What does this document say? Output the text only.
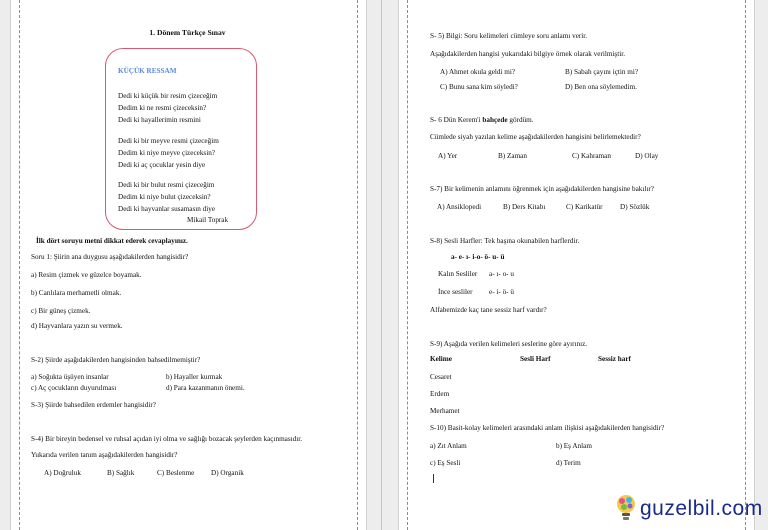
1. Dönem Türkçe Sınav
KÜÇÜK RESSAM
Dedi ki küçük bir resim çizeceğim
Dedim ki ne resmi çizeceksin?
Dedi ki hayallerimin resmini
Dedi ki bir meyve resmi çizeceğim
Dedim ki niye meyve çizeceksin?
Dedi ki aç çocuklar yesin diye
Dedi ki bir bulut resmi çizeceğim
Dedim ki niye bulut çizeceksin?
Dedi ki hayvanlar susamasın diye
Mikail Toprak
İlk dört soruyu metni dikkat ederek cevaplayınız.
Soru 1: Şiirin ana duygusu aşağıdakilerden hangisidir?
a) Resim çizmek ve güzelce boyamak.
b) Canlılara merhametli olmak.
c) Bir güneş çizmek.
d) Hayvanlara yazın su vermek.
S-2) Şiirde aşağıdakilerden hangisinden bahsedilmemiştir?
a) Soğukta üşüyen insanlar	b) Hayaller kurmak
c) Aç çocukların duyurulması	d) Para kazanmanın önemi.
S-3) Şiirde bahsedilen erdemler hangisidir?
S-4) Bir bireyin bedensel ve ruhsal açıdan iyi olma ve sağlığı bozacak şeylerden kaçınmasıdır.
Yukarıda verilen tanım aşağıdakilerden hangisidir?
A) Doğruluk	B) Sağlık	C) Beslenme D) Organik
S- 5) Bilgi: Soru kelimeleri cümleye soru anlamı verir.
Aşağıdakilerden hangisi yukarıdaki bilgiye örnek olarak verilmiştir.
A) Ahmet okula geldi mi?	B) Sabah çayını içtin mi?
C) Bunu sana kim söyledi?	D) Ben ona söylemedim.
S- 6 Dün Kerem'i bahçede gördüm.
Cümlede siyah yazılan kelime aşağıdakilerden hangisini belirlemektedir?
A) Yer	B) Zaman	C) Kahraman	D) Olay
S-7) Bir kelimenin anlamını öğrenmek için aşağıdakilerden hangisine bakılır?
A) Ansiklopedi	B) Ders Kitabı	C) Karikatür D) Sözlük
S-8) Sesli Harfler: Tek başına okunabilen harflerdir.
a- e- ı- i-o- ö- u- ü
Kalın Sesliler a- ı- o- u
İnce sesliler e- i- ö- ü
Alfabemizde kaç tane sessiz harf vardır?
S-9) Aşağıda verilen kelimeleri seslerine göre ayırınız.
Kelime	Sesli Harf	Sessiz harf
Cesaret
Erdem
Merhamet
S-10) Basit-kolay kelimeleri arasındaki anlam ilişkisi aşağıdakilerden hangisidir?
a) Zıt Anlam	b) Eş Anlam
c) Eş Sesli	d) Terim
guzelbil.com
